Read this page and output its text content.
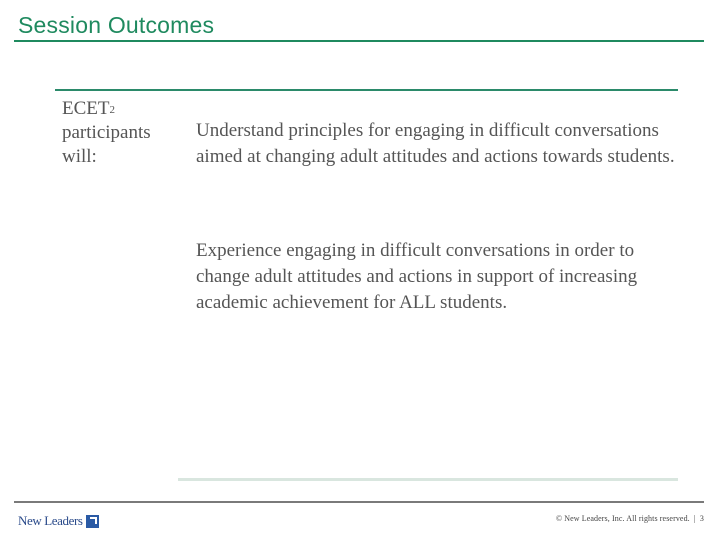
Session Outcomes
ECET$^2$
participants
will:
Understand principles for engaging in difficult conversations aimed at changing adult attitudes and actions towards students.
Experience engaging in difficult conversations in order to change adult attitudes and actions in support of increasing academic achievement for ALL students.
New Leaders	© New Leaders, Inc. All rights reserved. | 3
